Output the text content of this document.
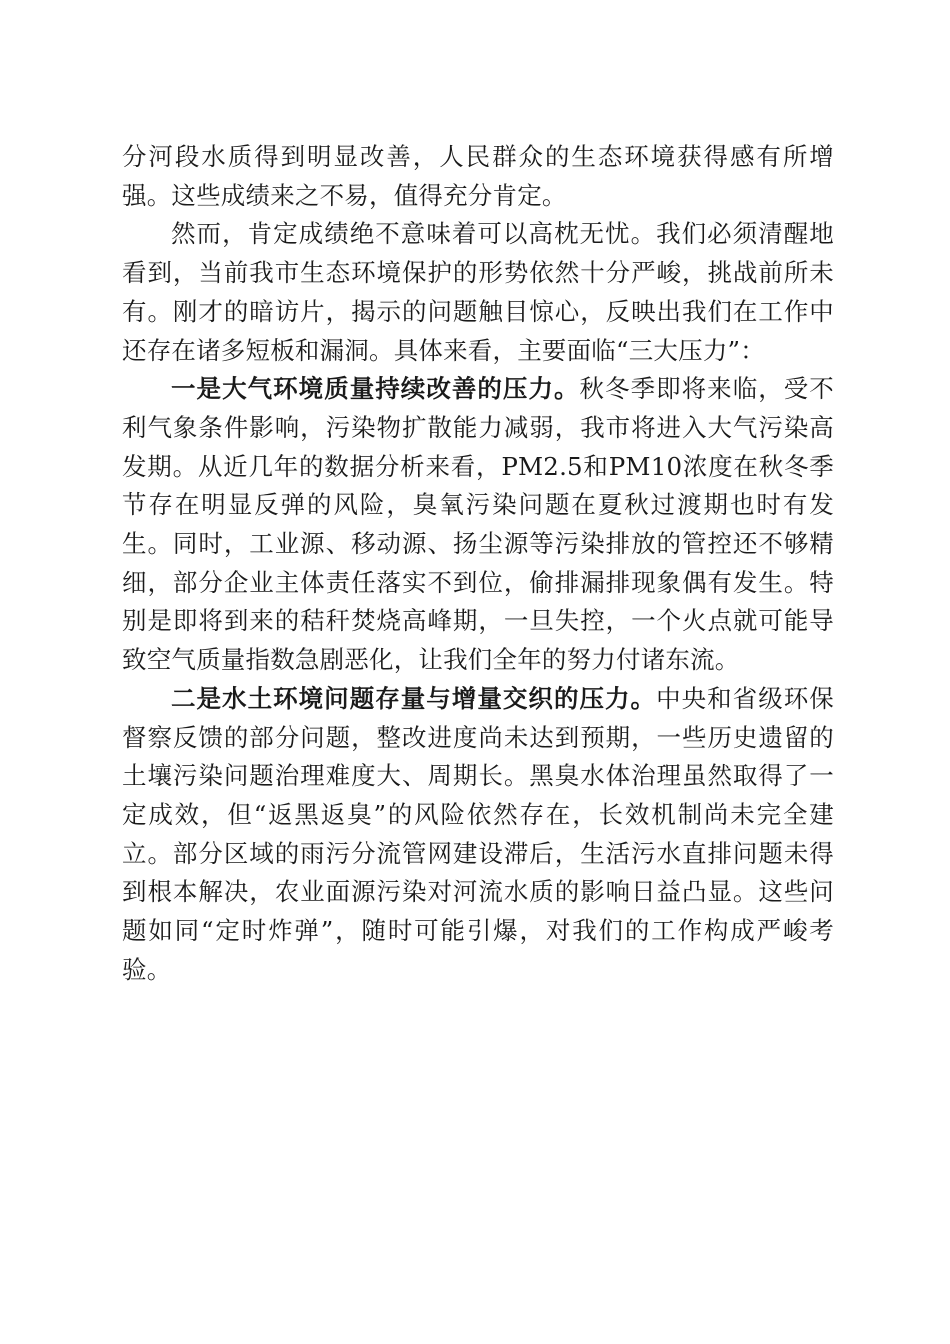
分河段水质得到明显改善，人民群众的生态环境获得感有所增强。这些成绩来之不易，值得充分肯定。

然而，肯定成绩绝不意味着可以高枕无忧。我们必须清醒地看到，当前我市生态环境保护的形势依然十分严峻，挑战前所未有。刚才的暗访片，揭示的问题触目惊心，反映出我们在工作中还存在诸多短板和漏洞。具体来看，主要面临“三大压力”：

一是大气环境质量持续改善的压力。秋冬季即将来临，受不利气象条件影响，污染物扩散能力减弱，我市将进入大气污染高发期。从近几年的数据分析来看，PM2.5和PM10浓度在秋冬季节存在明显反弹的风险，臭氧污染问题在夏秋过渡期也时有发生。同时，工业源、移动源、扬尘源等污染排放的管控还不够精细，部分企业主体责任落实不到位，偷排漏排现象偶有发生。特别是即将到来的秸秆焚烧高峰期，一旦失控，一个火点就可能导致空气质量指数急剧恶化，让我们全年的努力付诸东流。

二是水土环境问题存量与增量交织的压力。中央和省级环保督察反馈的部分问题，整改进度尚未达到预期，一些历史遗留的土壤污染问题治理难度大、周期长。黑臭水体治理虽然取得了一定成效，但“返黑返臭”的风险依然存在，长效机制尚未完全建立。部分区域的雨污分流管网建设滞后，生活污水直排问题未得到根本解决，农业面源污染对河流水质的影响日益凸显。这些问题如同“定时炸弹”，随时可能引爆，对我们的工作构成严峻考验。
